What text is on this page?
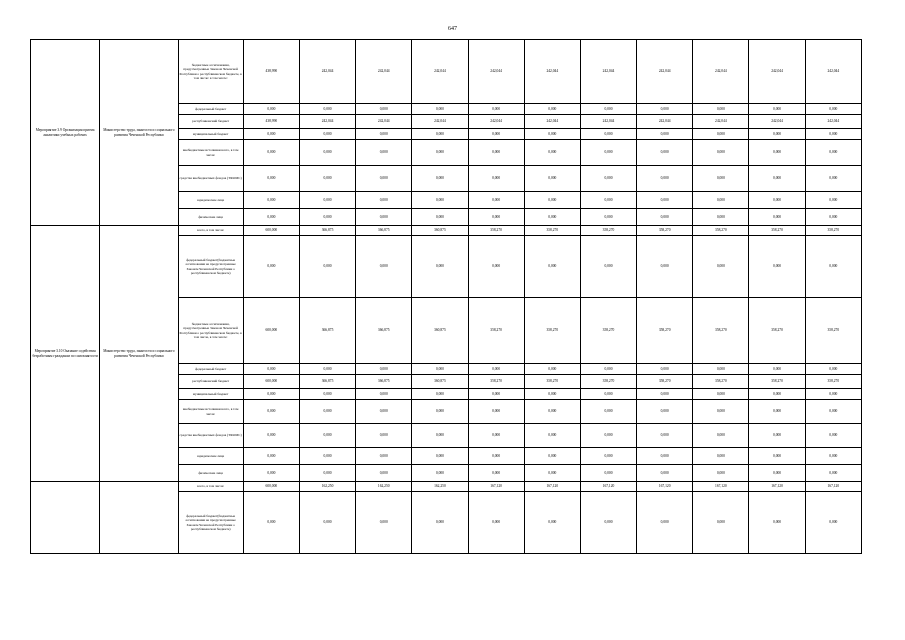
647
Мероприятие 3.9 Организация приема аналитики учебных рабочих	Министерство труда, занятости и социального развития Чеченской Республики	бюджетные ассигнования, предусмотренные Законом Чеченской Республики о республиканском бюджете, в том числе: в том числе:	438,990	242,044	242,044	242,044	242,044	242,044	242,044	242,044	242,044	242,044	242,044
		федеральный бюджет	0,000	0,000	0,000	0,000	0,000	0,000	0,000	0,000	0,000	0,000	0,000
		республиканский бюджет	438,990	242,044	242,044	242,044	242,044	242,044	242,044	242,044	242,044	242,044	242,044
		муниципальный бюджет	0,000	0,000	0,000	0,000	0,000	0,000	0,000	0,000	0,000	0,000	0,000
		внебюджетные источники всего, в том числе:	0,000	0,000	0,000	0,000	0,000	0,000	0,000	0,000	0,000	0,000	0,000
		средства внебюджетных фондов (ТФОМС)	0,000	0,000	0,000	0,000	0,000	0,000	0,000	0,000	0,000	0,000	0,000
		юридические лица	0,000	0,000	0,000	0,000	0,000	0,000	0,000	0,000	0,000	0,000	0,000
		физические лица	0,000	0,000	0,000	0,000	0,000	0,000	0,000	0,000	0,000	0,000	0,000
Мероприятие 3.10 Оказание содействия безработным гражданам по самозанятости	Министерство труда, занятости и социального развития Чеченской Республики	всего, в том числе:	600,000	366,875	366,875	360,875	358,270	358,270	358,270	358,270	358,270	358,270	358,270
		федеральный бюджет(бюджетные ассигнования не предусмотренные Законом Чеченской Республики о республиканском бюджете)	0,000	0,000	0,000	0,000	0,000	0,000	0,000	0,000	0,000	0,000	0,000
		бюджетные ассигнования, предусмотренные Законом Чеченской Республики о республиканском бюджете, в том числе, в том числе:	600,000	366,875	366,875	360,875	358,270	358,270	358,270	358,270	358,270	358,270	358,270
		федеральный бюджет	0,000	0,000	0,000	0,000	0,000	0,000	0,000	0,000	0,000	0,000	0,000
		республиканский бюджет	600,000	366,875	366,875	360,875	358,270	358,270	358,270	358,270	358,270	358,270	358,270
		муниципальный бюджет	0,000	0,000	0,000	0,000	0,000	0,000	0,000	0,000	0,000	0,000	0,000
		внебюджетные источники всего, в том числе:	0,000	0,000	0,000	0,000	0,000	0,000	0,000	0,000	0,000	0,000	0,000
		средства внебюджетных фондов (ТФОМС)	0,000	0,000	0,000	0,000	0,000	0,000	0,000	0,000	0,000	0,000	0,000
		юридические лица	0,000	0,000	0,000	0,000	0,000	0,000	0,000	0,000	0,000	0,000	0,000
		физические лица	0,000	0,000	0,000	0,000	0,000	0,000	0,000	0,000	0,000	0,000	0,000
		всего, в том числе:	600,000	162,250	162,250	162,250	167,120	167,120	167,120	167,120	167,120	167,120	167,120
		федеральный бюджет(бюджетные ассигнования не предусмотренные Законом Чеченской Республики о республиканском бюджете)	0,000	0,000	0,000	0,000	0,000	0,000	0,000	0,000	0,000	0,000	0,000
